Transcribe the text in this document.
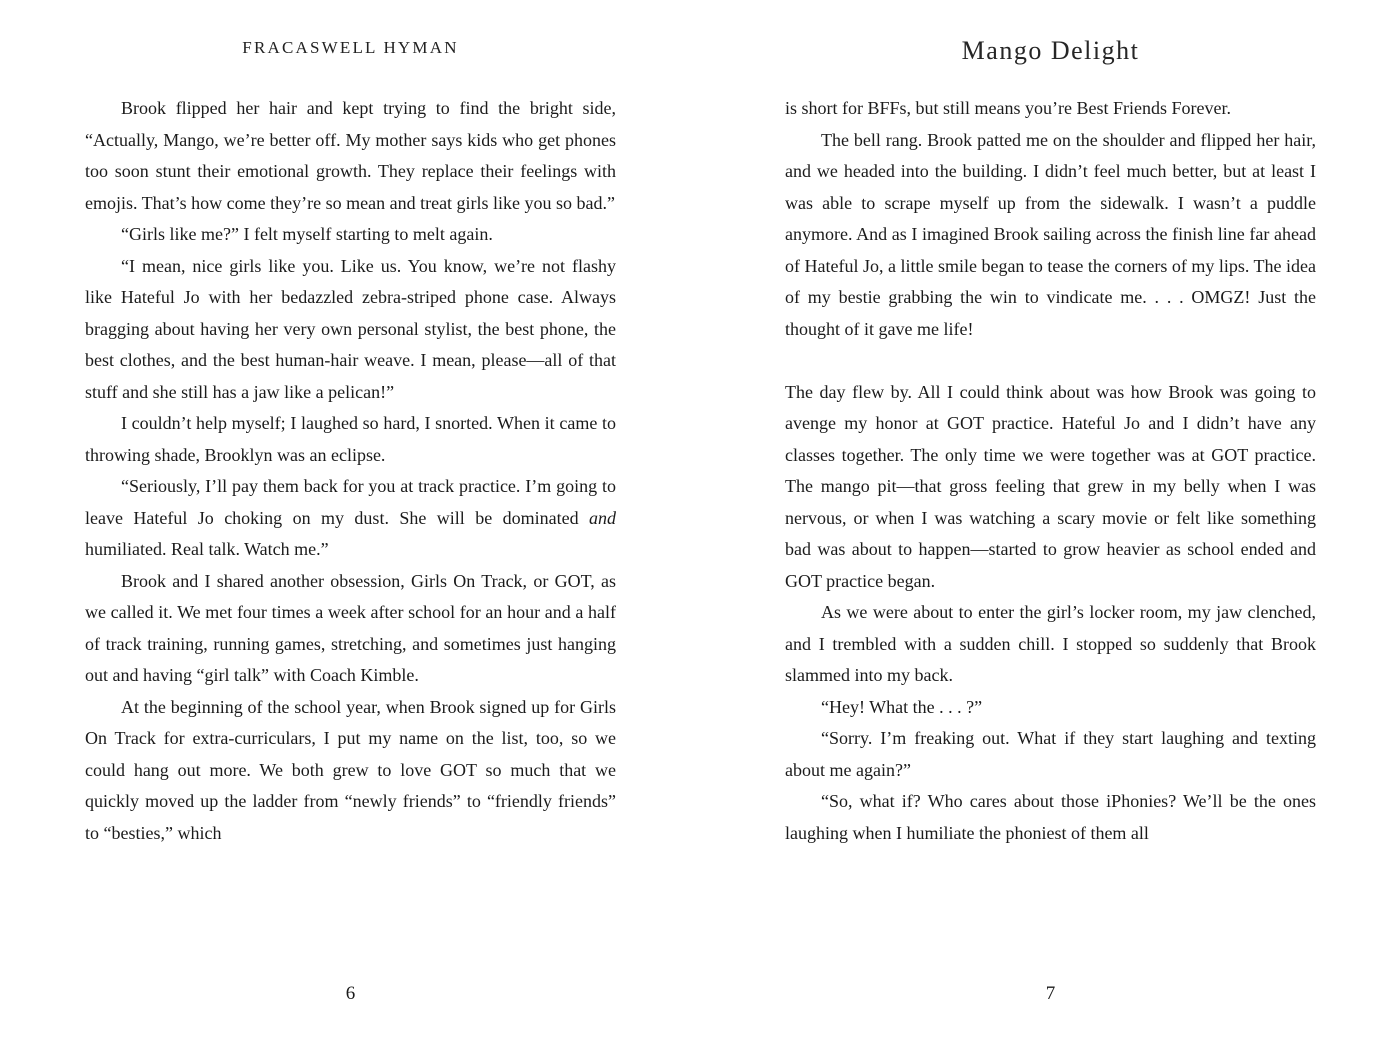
FRACASWELL HYMAN

Brook flipped her hair and kept trying to find the bright side, “Actually, Mango, we’re better off. My mother says kids who get phones too soon stunt their emotional growth. They replace their feelings with emojis. That’s how come they’re so mean and treat girls like you so bad.”

“Girls like me?” I felt myself starting to melt again.

“I mean, nice girls like you. Like us. You know, we’re not flashy like Hateful Jo with her bedazzled zebra-striped phone case. Always bragging about having her very own personal stylist, the best phone, the best clothes, and the best human-hair weave. I mean, please—all of that stuff and she still has a jaw like a pelican!”

I couldn’t help myself; I laughed so hard, I snorted. When it came to throwing shade, Brooklyn was an eclipse.

“Seriously, I’ll pay them back for you at track practice. I’m going to leave Hateful Jo choking on my dust. She will be dominated and humiliated. Real talk. Watch me.”

Brook and I shared another obsession, Girls On Track, or GOT, as we called it. We met four times a week after school for an hour and a half of track training, running games, stretching, and sometimes just hanging out and having “girl talk” with Coach Kimble.

At the beginning of the school year, when Brook signed up for Girls On Track for extra-curriculars, I put my name on the list, too, so we could hang out more. We both grew to love GOT so much that we quickly moved up the ladder from “newly friends” to “friendly friends” to “besties,” which

6
Mango Delight

is short for BFFs, but still means you’re Best Friends Forever.

The bell rang. Brook patted me on the shoulder and flipped her hair, and we headed into the building. I didn’t feel much better, but at least I was able to scrape myself up from the sidewalk. I wasn’t a puddle anymore. And as I imagined Brook sailing across the finish line far ahead of Hateful Jo, a little smile began to tease the corners of my lips. The idea of my bestie grabbing the win to vindicate me. . . . OMGZ! Just the thought of it gave me life!

The day flew by. All I could think about was how Brook was going to avenge my honor at GOT practice. Hateful Jo and I didn’t have any classes together. The only time we were together was at GOT practice. The mango pit—that gross feeling that grew in my belly when I was nervous, or when I was watching a scary movie or felt like something bad was about to happen—started to grow heavier as school ended and GOT practice began.

As we were about to enter the girl’s locker room, my jaw clenched, and I trembled with a sudden chill. I stopped so suddenly that Brook slammed into my back.

“Hey! What the . . . ?”

“Sorry. I’m freaking out. What if they start laughing and texting about me again?”

“So, what if? Who cares about those iPhonies? We’ll be the ones laughing when I humiliate the phoniest of them all

7
